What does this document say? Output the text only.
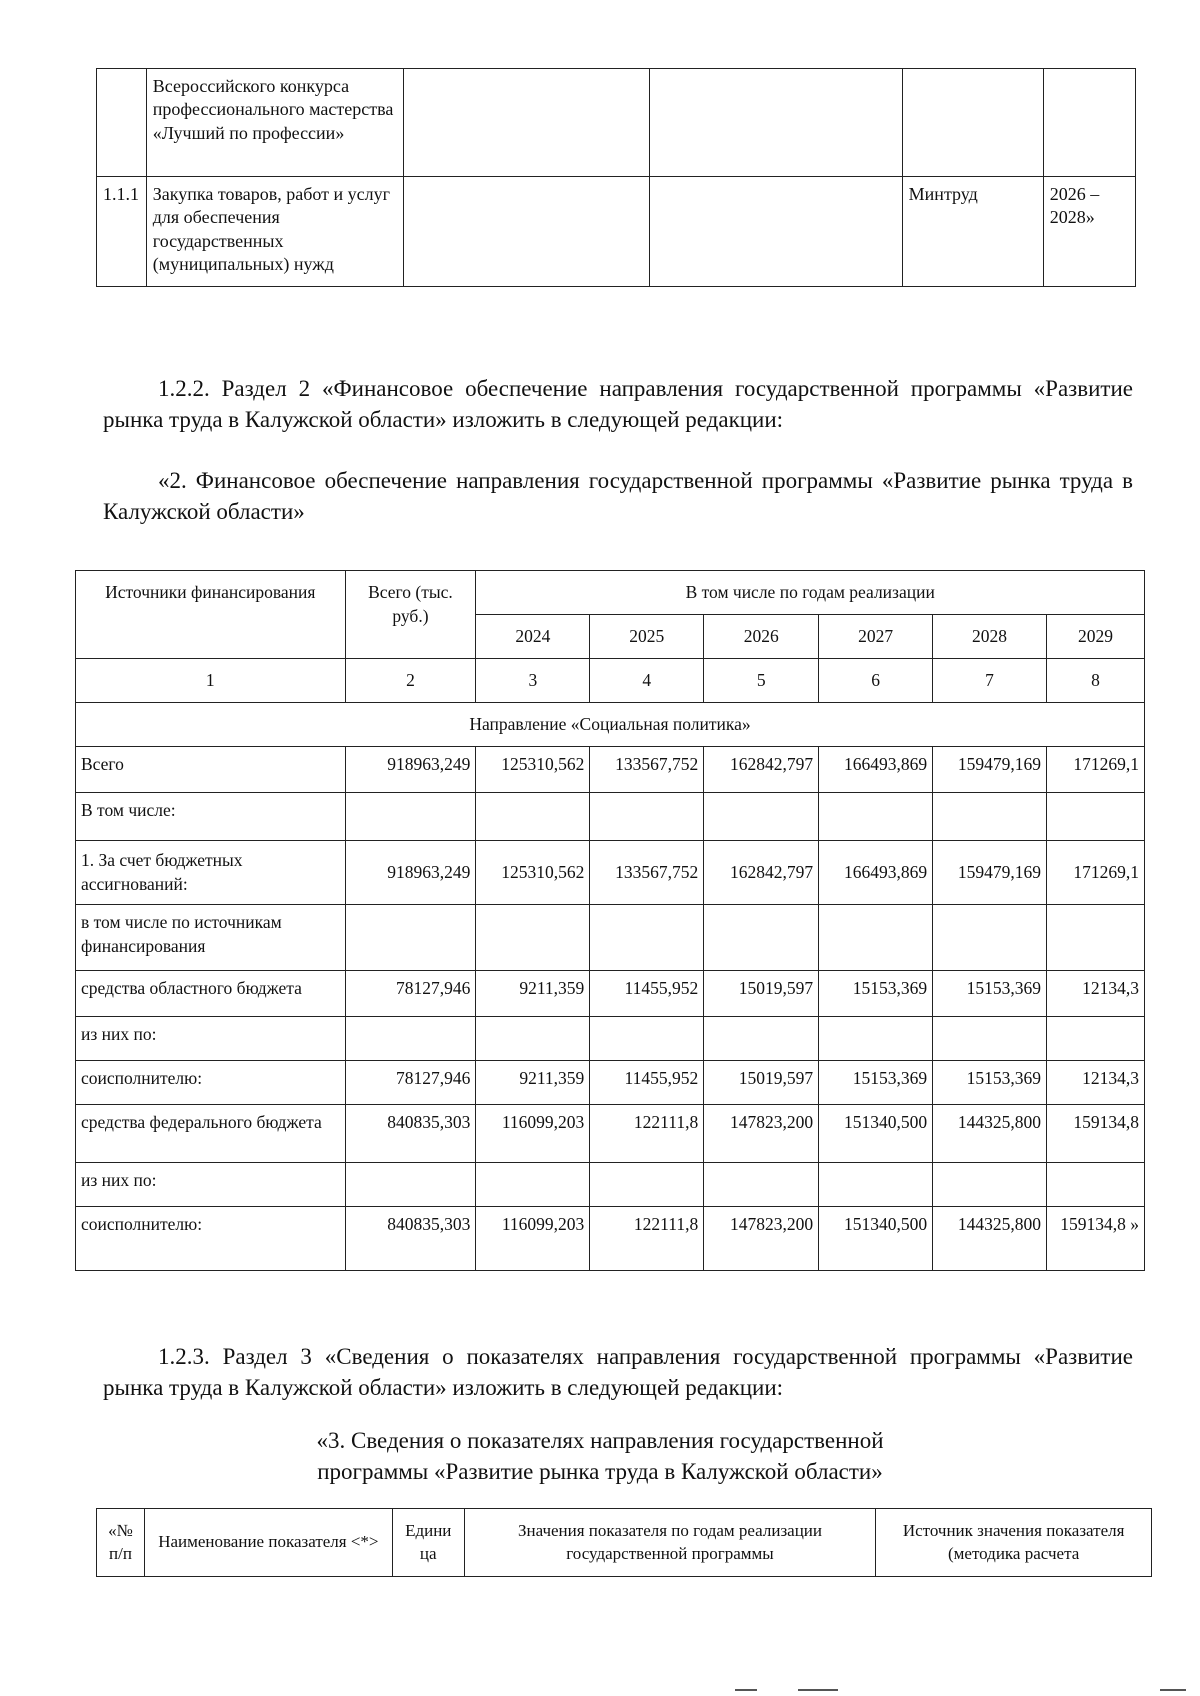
	Всероссийского конкурса профессионального мастерства «Лучший по профессии»				
1.1.1	Закупка товаров, работ и услуг для обеспечения государственных (муниципальных) нужд			Минтруд	2026 – 2028»

1.2.2. Раздел 2 «Финансовое обеспечение направления государственной программы «Развитие рынка труда в Калужской области» изложить в следующей редакции:

«2. Финансовое обеспечение направления государственной программы «Развитие рынка труда в Калужской области»

Источники финансирования	Всего (тыс. руб.)	В том числе по годам реализации					
		2024	2025	2026	2027	2028	2029
1	2	3	4	5	6	7	8
Направление «Социальная политика»							
Всего	918963,249	125310,562	133567,752	162842,797	166493,869	159479,169	171269,1
В том числе:							
1. За счет бюджетных ассигнований:	918963,249	125310,562	133567,752	162842,797	166493,869	159479,169	171269,1
в том числе по источникам финансирования							
средства областного бюджета	78127,946	9211,359	11455,952	15019,597	15153,369	15153,369	12134,3
из них по:							
соисполнителю:	78127,946	9211,359	11455,952	15019,597	15153,369	15153,369	12134,3
средства федерального бюджета	840835,303	116099,203	122111,8	147823,200	151340,500	144325,800	159134,8
из них по:							
соисполнителю:	840835,303	116099,203	122111,8	147823,200	151340,500	144325,800	159134,8 »

1.2.3. Раздел 3 «Сведения о показателях направления государственной программы «Развитие рынка труда в Калужской области» изложить в следующей редакции:

«3. Сведения о показателях направления государственной
программы «Развитие рынка труда в Калужской области»
«№ п/п	Наименование показателя <*>	Едини ца	Значения показателя по годам реализации государственной программы	Источник значения показателя (методика расчета
